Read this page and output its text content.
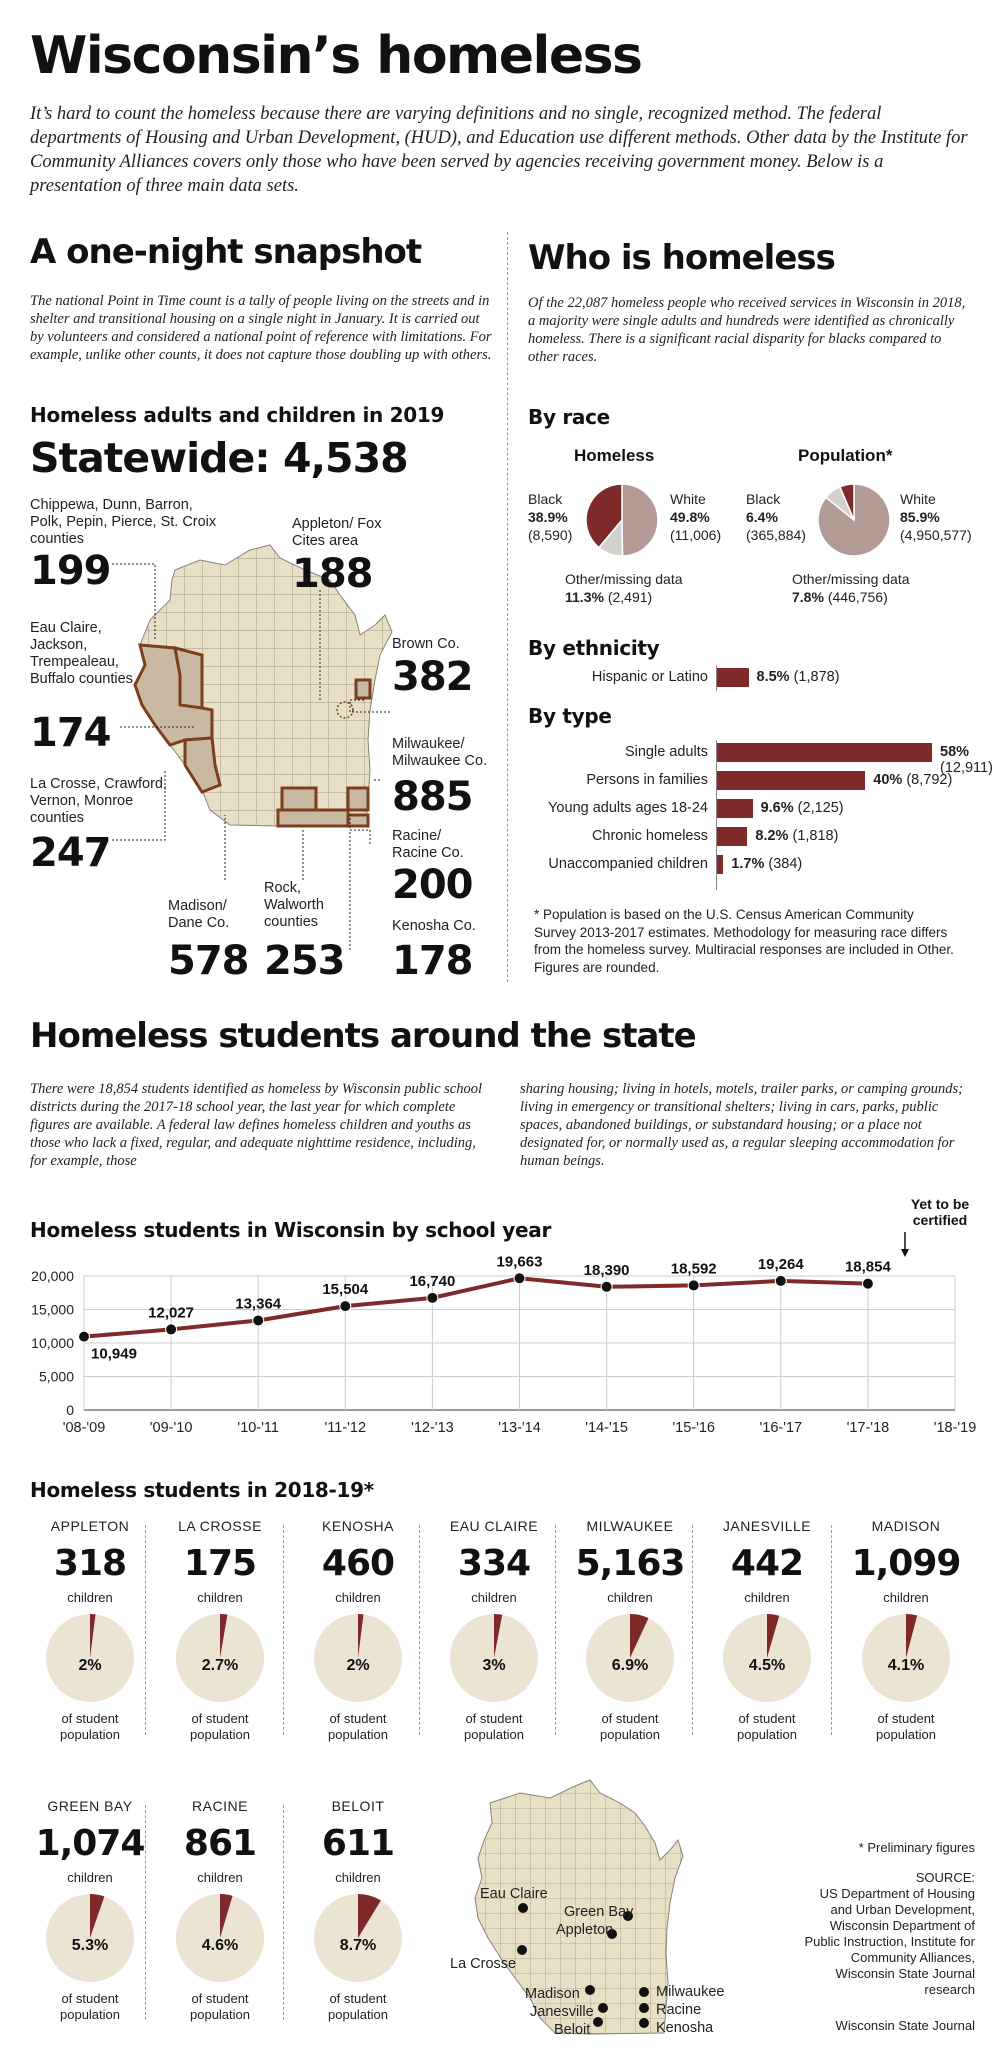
Wisconsin’s homeless
It’s hard to count the homeless because there are varying definitions and no single, recognized method. The federal departments of Housing and Urban Development, (HUD), and Education use different methods. Other data by the Institute for Community Alliances covers only those who have been served by agencies receiving government money. Below is a presentation of three main data sets.
A one-night snapshot
The national Point in Time count is a tally of people living on the streets and in shelter and transitional housing on a single night in January. It is carried out by volunteers and considered a national point of reference with limitations. For example, unlike other counts, it does not capture those doubling up with others.
Homeless adults and children in 2019
Statewide: 4,538
Chippewa, Dunn, Barron, Polk, Pepin, Pierce, St. Croix counties
199
Appleton/ Fox Cites area
188
Brown Co.
382
Eau Claire, Jackson, Trempealeau, Buffalo counties
174	Milwaukee/ Milwaukee Co.
885
La Crosse, Crawford, Vernon, Monroe counties
247	Racine/ Racine Co.
200
Madison/ Dane Co.
578
Rock, Walworth counties
253
Kenosha Co.
178
Who is homeless
Of the 22,087 homeless people who received services in Wisconsin in 2018, a majority were single adults and hundreds were identified as chronically homeless. There is a significant racial disparity for blacks compared to other races.
By race
Homeless
Black
38.9%
(8,590)
White
49.8%
(11,006)
Other/missing data
11.3% (2,491)
Population*
Black
6.4%
(365,884)
White
85.9%
(4,950,577)
Other/missing data
7.8% (446,756)
By ethnicity
Hispanic or Latino	8.5% (1,878)
By type
Single adults	58% (12,911)
Persons in families	40% (8,792)
Young adults ages 18-24	9.6% (2,125)
Chronic homeless	8.2% (1,818)
Unaccompanied children 1.7% (384)
* Population is based on the U.S. Census American Community Survey 2013-2017 estimates. Methodology for measuring race differs from the homeless survey. Multiracial responses are included in Other. Figures are rounded.
Homeless students around the state
There were 18,854 students identified as homeless by Wisconsin public school districts during the 2017-18 school year, the last year for which complete figures are available. A federal law defines homeless children and youths as those who lack a fixed, regular, and adequate nighttime residence, including, for example, those
sharing housing; living in hotels, motels, trailer parks, or camping grounds; living in emergency or transitional shelters; living in cars, parks, public spaces, abandoned buildings, or substandard housing; or a place not designated for, or normally used as, a regular sleeping accommodation for human beings.
Homeless students in Wisconsin by school year
Yet to be certified
0
5,000
10,000
15,000
20,000
'08-'09	'09-'10	'10-'11	'11-'12	'12-'13	'13-'14	'14-'15	'15-'16	'16-'17	'17-'18	'18-'19
10,949
12,027
13,364
15,504	16,740
19,663
18,390	18,592	19,264	18,854
Homeless students in 2018-19*
APPLETON
318
children
2%
of student population
LA CROSSE
175
children
2.7%
of student population
KENOSHA
460
children
2%
of student population
EAU CLAIRE
334
children
3%
of student population
MILWAUKEE
5,163
children
6.9%
of student population
JANESVILLE
442
children
4.5%
of student population
MADISON
1,099
children
4.1%
of student population
GREEN BAY
1,074
children
5.3%
of student population
RACINE
861
children
4.6%
of student population
BELOIT
611
children
8.7%
of student population
Eau Claire
Green Bay
Appleton
La Crosse
Madison
Janesville
Beloit
Milwaukee
Racine
Kenosha
* Preliminary figures
SOURCE:
US Department of Housing and Urban Development, Wisconsin Department of Public Instruction, Institute for Community Alliances, Wisconsin State Journal research
Wisconsin State Journal
